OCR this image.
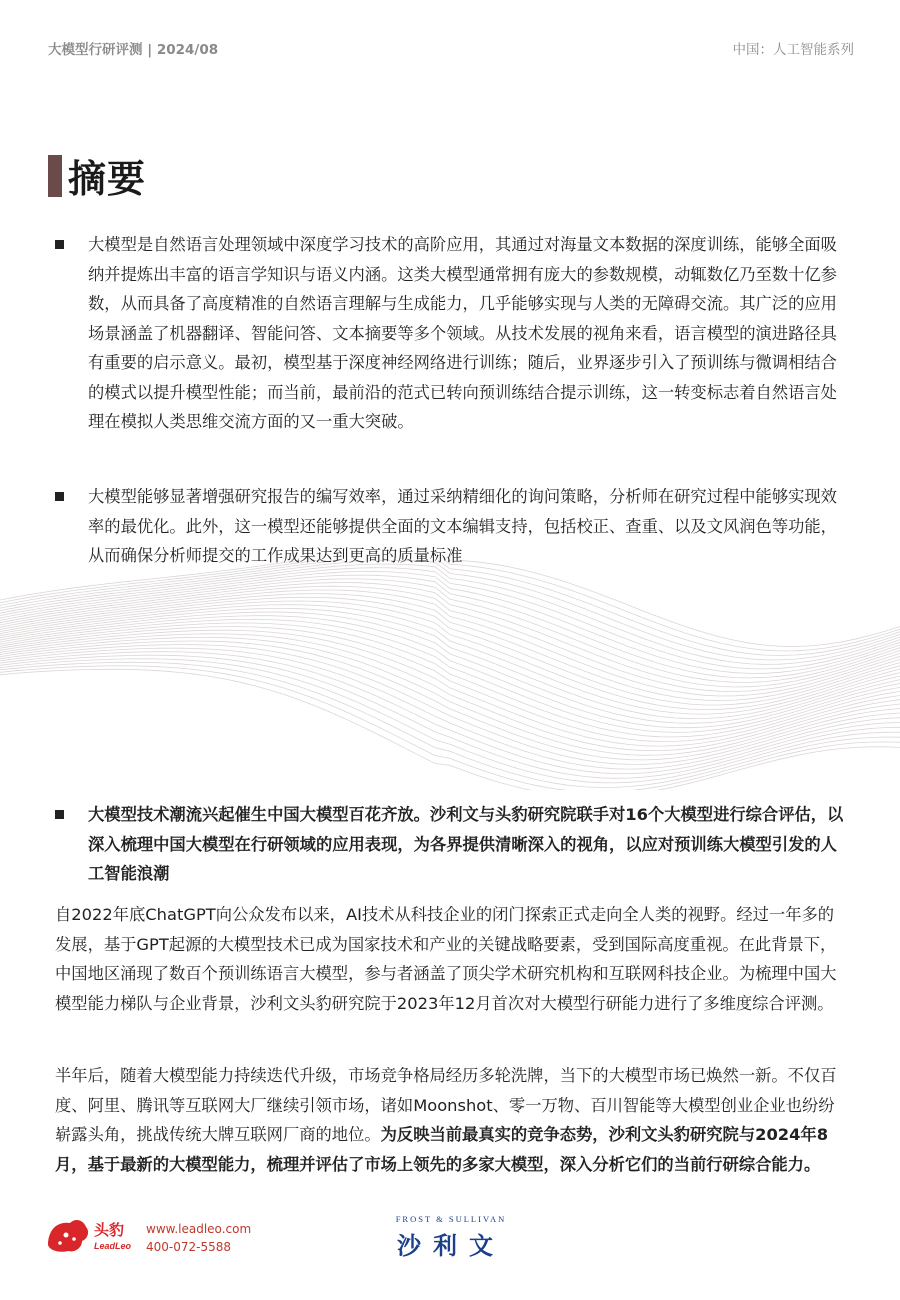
大模型行研评测 | 2024/08	中国：人工智能系列
摘要
大模型是自然语言处理领域中深度学习技术的高阶应用，其通过对海量文本数据的深度训练，能够全面吸纳并提炼出丰富的语言学知识与语义内涵。这类大模型通常拥有庞大的参数规模，动辄数亿乃至数十亿参数，从而具备了高度精准的自然语言理解与生成能力，几乎能够实现与人类的无障碍交流。其广泛的应用场景涵盖了机器翻译、智能问答、文本摘要等多个领域。从技术发展的视角来看，语言模型的演进路径具有重要的启示意义。最初，模型基于深度神经网络进行训练；随后，业界逐步引入了预训练与微调相结合的模式以提升模型性能；而当前，最前沿的范式已转向预训练结合提示训练，这一转变标志着自然语言处理在模拟人类思维交流方面的又一重大突破。
大模型能够显著增强研究报告的编写效率，通过采纳精细化的询问策略，分析师在研究过程中能够实现效率的最优化。此外，这一模型还能够提供全面的文本编辑支持，包括校正、查重、以及文风润色等功能，从而确保分析师提交的工作成果达到更高的质量标准
大模型技术潮流兴起催生中国大模型百花齐放。沙利文与头豹研究院联手对16个大模型进行综合评估，以深入梳理中国大模型在行研领域的应用表现，为各界提供清晰深入的视角，以应对预训练大模型引发的人工智能浪潮

自2022年底ChatGPT向公众发布以来，AI技术从科技企业的闭门探索正式走向全人类的视野。经过一年多的发展，基于GPT起源的大模型技术已成为国家技术和产业的关键战略要素，受到国际高度重视。在此背景下，中国地区涌现了数百个预训练语言大模型，参与者涵盖了顶尖学术研究机构和互联网科技企业。为梳理中国大模型能力梯队与企业背景，沙利文头豹研究院于2023年12月首次对大模型行研能力进行了多维度综合评测。

半年后，随着大模型能力持续迭代升级，市场竞争格局经历多轮洗牌，当下的大模型市场已焕然一新。不仅百度、阿里、腾讯等互联网大厂继续引领市场，诸如Moonshot、零一万物、百川智能等大模型创业企业也纷纷崭露头角，挑战传统大牌互联网厂商的地位。为反映当前最真实的竞争态势，沙利文头豹研究院与2024年8月，基于最新的大模型能力，梳理并评估了市场上领先的多家大模型，深入分析它们的当前行研综合能力。

头豹
LeadLeo
www.leadleo.com
400-072-5588
FROST & SULLIVAN
沙利文
